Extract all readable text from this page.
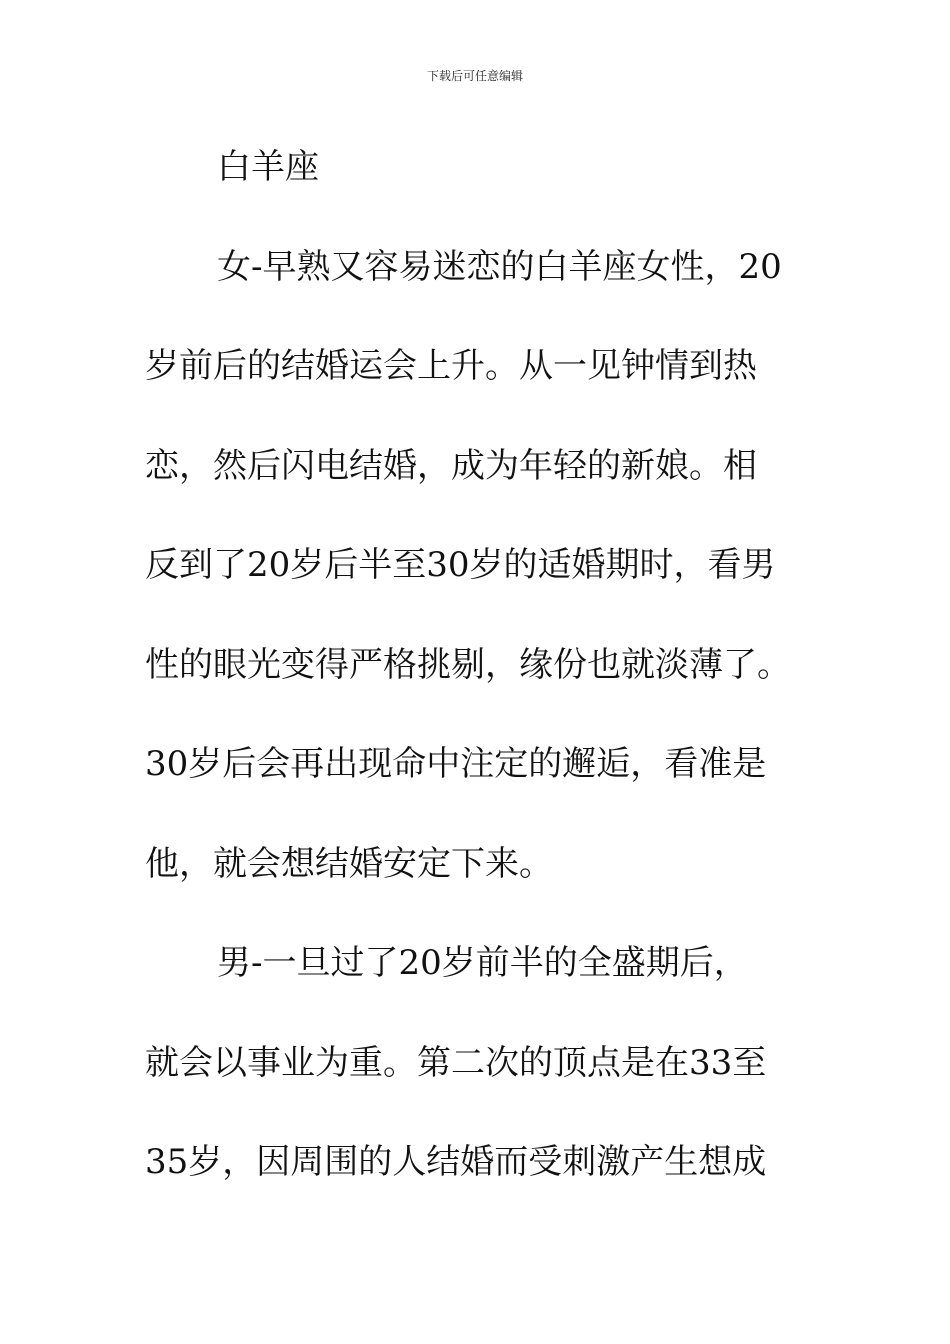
下载后可任意编辑
白羊座
女-早熟又容易迷恋的白羊座女性，20
岁前后的结婚运会上升。从一见钟情到热
恋，然后闪电结婚，成为年轻的新娘。相
反到了20岁后半至30岁的适婚期时，看男
性的眼光变得严格挑剔，缘份也就淡薄了。
30岁后会再出现命中注定的邂逅，看准是
他，就会想结婚安定下来。
男-一旦过了20岁前半的全盛期后，
就会以事业为重。第二次的顶点是在33至
35岁，因周围的人结婚而受刺激产生想成
